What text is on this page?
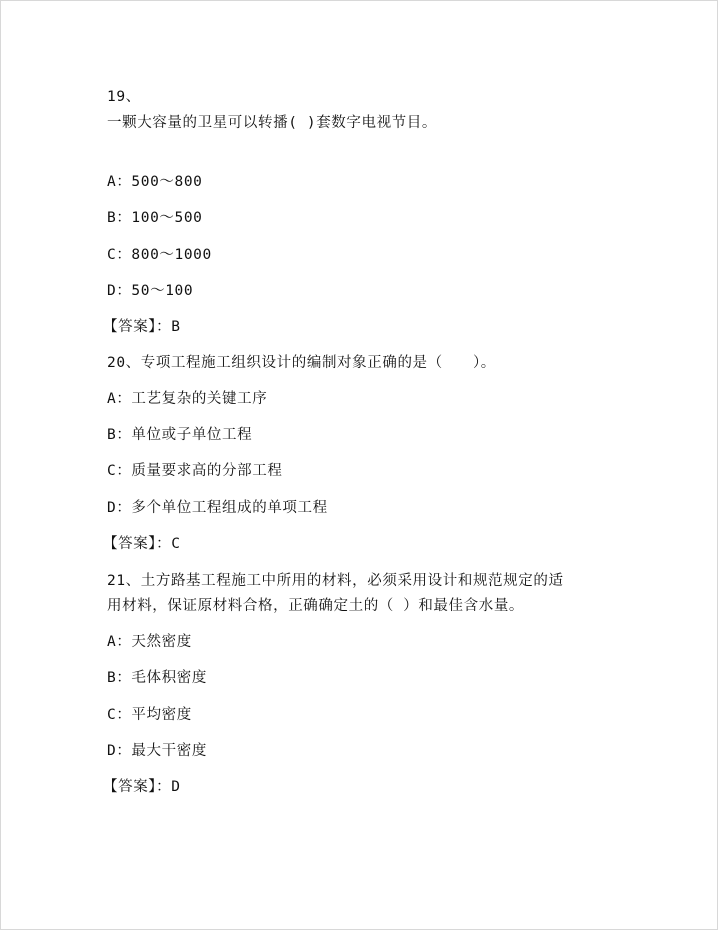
19、
一颗大容量的卫星可以转播( )套数字电视节目。
A：500～800
B：100～500
C：800～1000
D：50～100
【答案】：B
20、专项工程施工组织设计的编制对象正确的是（　　）。
A：工艺复杂的关键工序
B：单位或子单位工程
C：质量要求高的分部工程
D：多个单位工程组成的单项工程
【答案】：C
21、土方路基工程施工中所用的材料，必须采用设计和规范规定的适
用材料，保证原材料合格，正确确定土的（ ）和最佳含水量。
A：天然密度
B：毛体积密度
C：平均密度
D：最大干密度
【答案】：D
